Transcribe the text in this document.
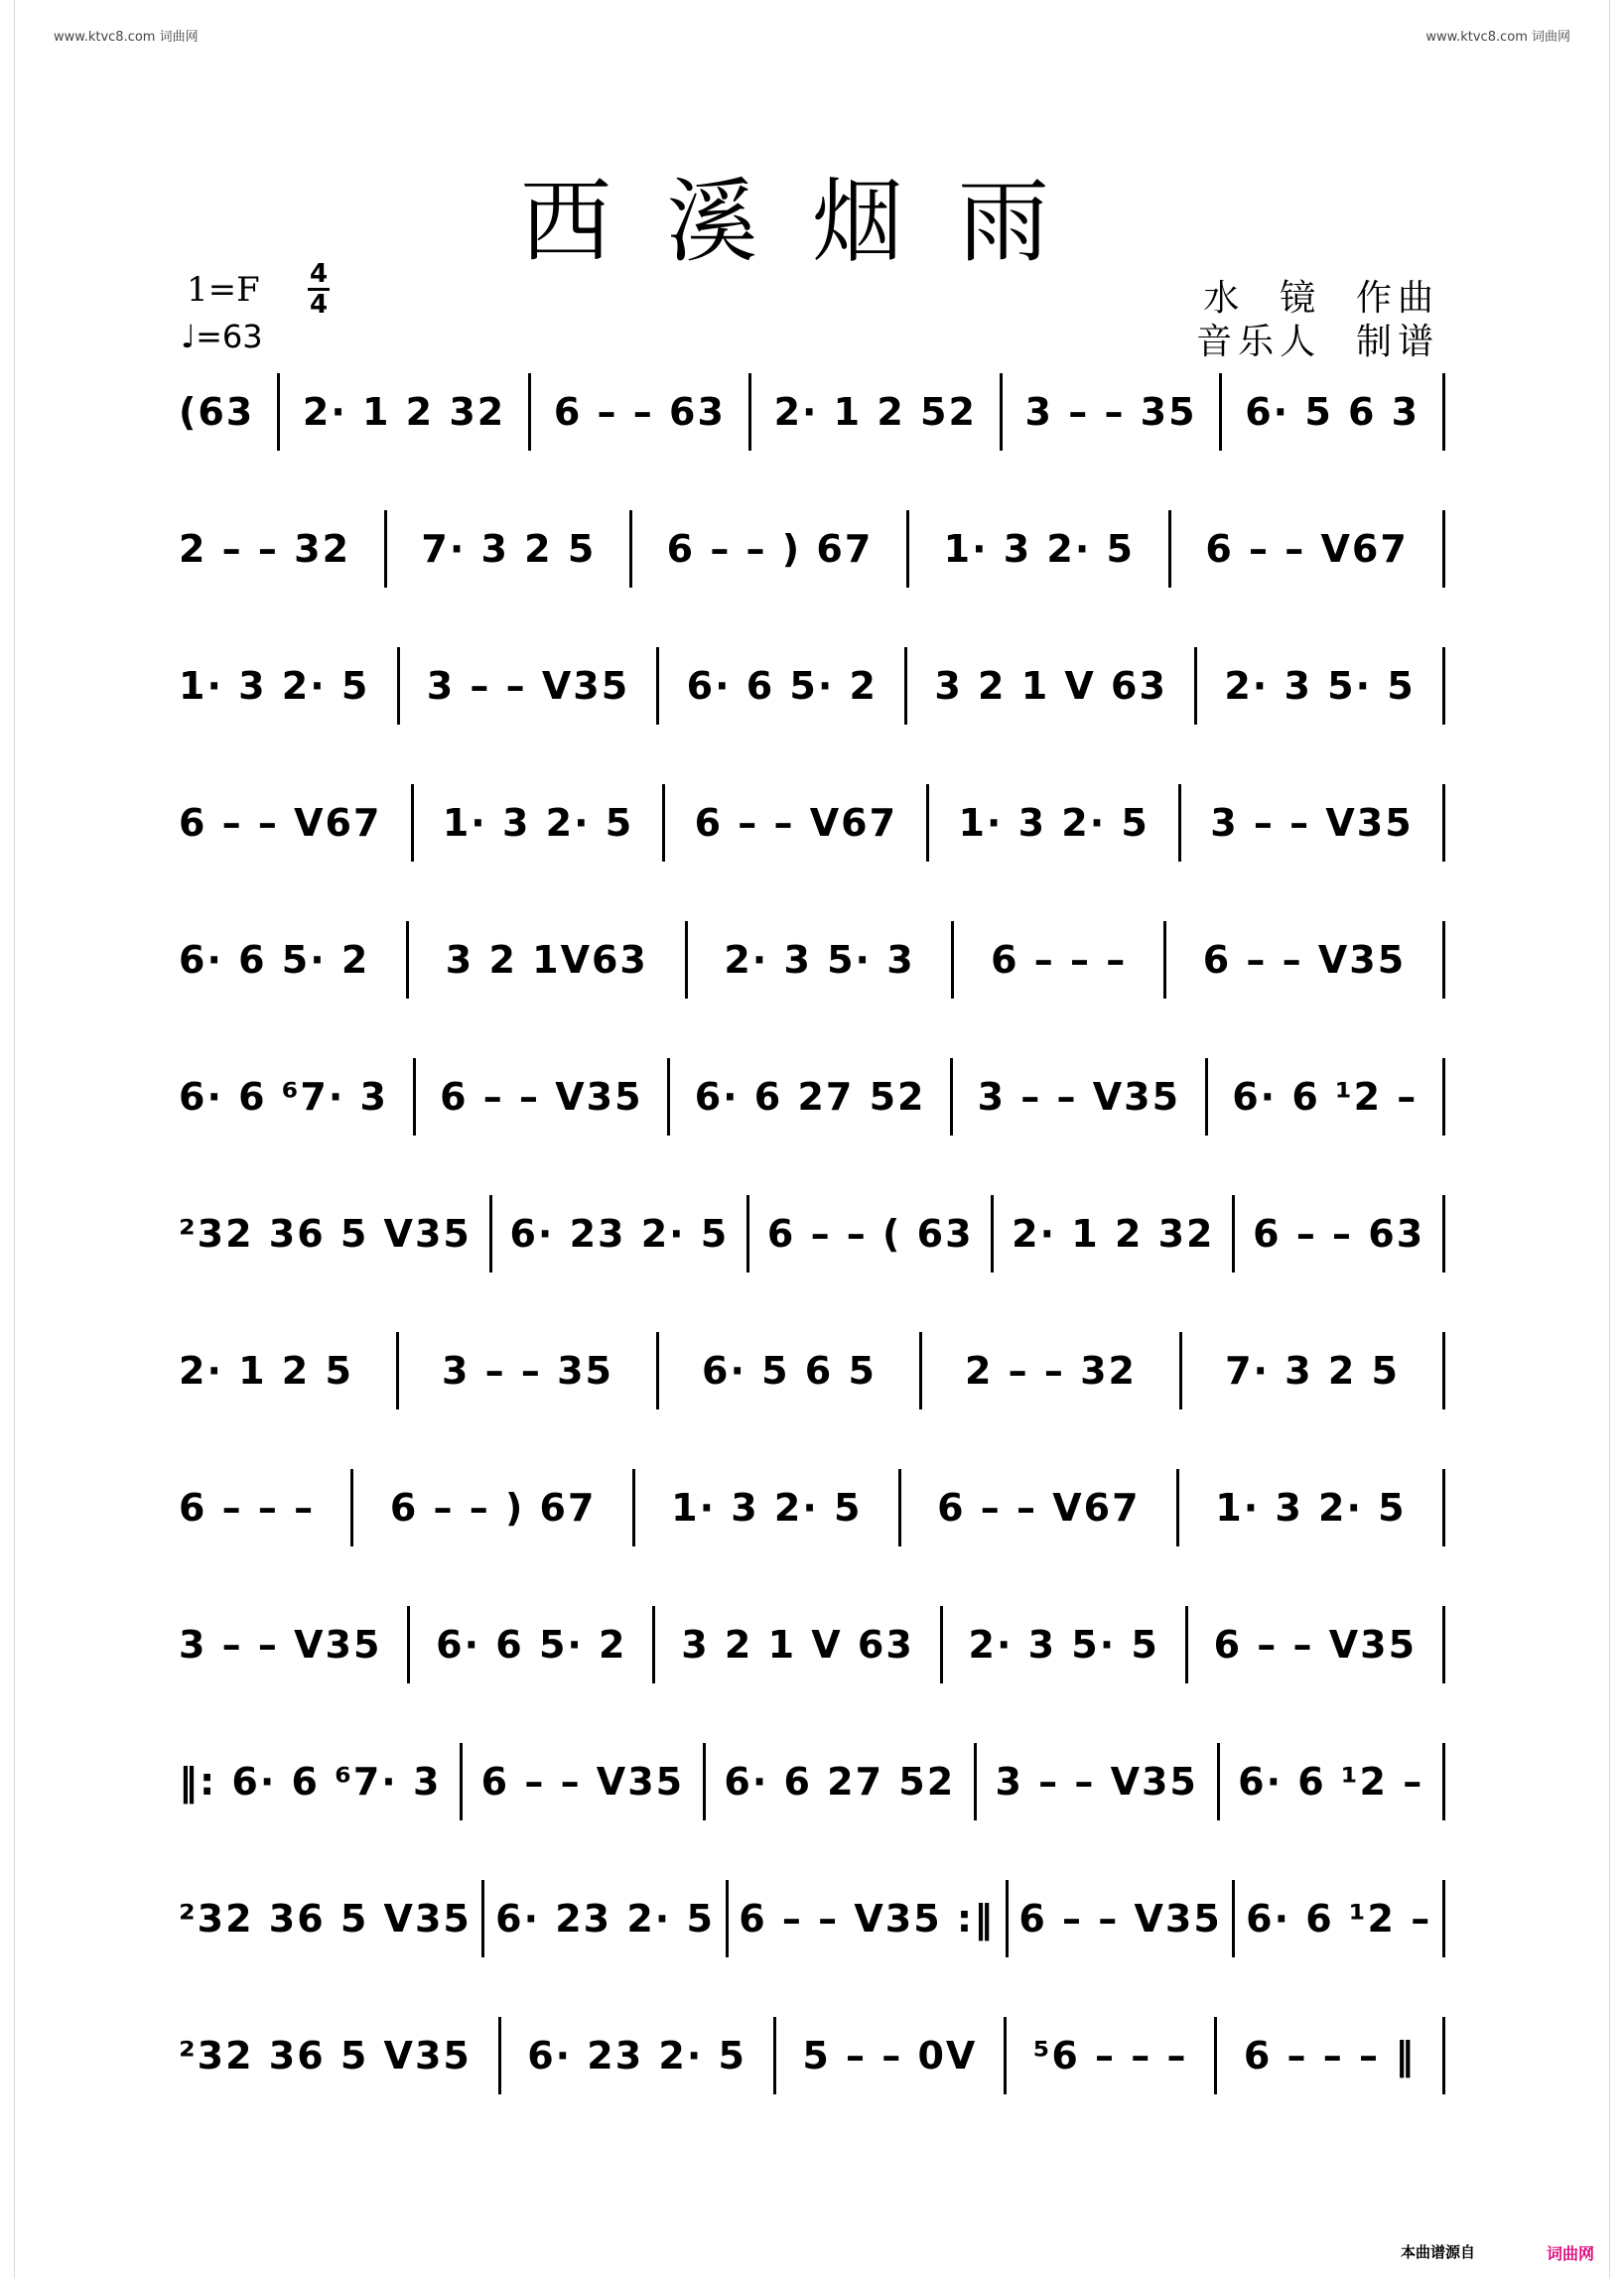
www.ktvc8.com 词曲网	www.ktvc8.com 词曲网
西溪烟雨
1=F 4
4
♩=63
水  镜  作曲
音乐人  制谱
(63 2· 1 2 32 6 – – 63 2· 1 2 52 3 – – 35 6· 5 6 3
2 – – 32 7· 3 2 5 6 – – ) 67 1· 3 2· 5 6 – – V67
1· 3 2· 5 3 – – V35 6· 6 5· 2 3 2 1 V 63 2· 3 5· 5
6 – – V67 1· 3 2· 5 6 – – V67 1· 3 2· 5 3 – – V35
6· 6 5· 2 3 2 1V63 2· 3 5· 3 6 – – – 6 – – V35
6· 6 ⁶7· 3 6 – – V35 6· 6 27 52 3 – – V35 6· 6 ¹2 –
²32 36 5 V35 6· 23 2· 5 6 – – ( 63 2· 1 2 32 6 – – 63
2· 1 2 5 3 – – 35 6· 5 6 5 2 – – 32 7· 3 2 5
6 – – – 6 – – ) 67 1· 3 2· 5 6 – – V67 1· 3 2· 5
3 – – V35 6· 6 5· 2 3 2 1 V 63 2· 3 5· 5 6 – – V35
‖: 6· 6 ⁶7· 3 6 – – V35 6· 6 27 52 3 – – V35 6· 6 ¹2 –
²32 36 5 V35 6· 23 2· 5 6 – – V35 :‖ 6 – – V35 6· 6 ¹2 –
²32 36 5 V35 6· 23 2· 5 5 – – 0V ⁵6 – – – 6 – – – ‖
本曲谱源自	词曲网
